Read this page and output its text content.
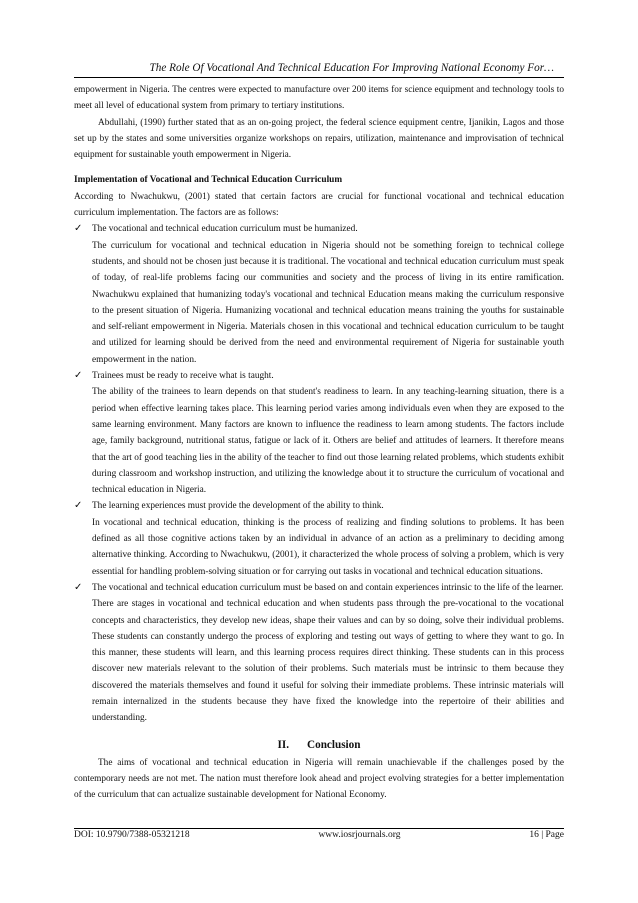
The Role Of Vocational And Technical Education For Improving National Economy For…

empowerment in Nigeria. The centres were expected to manufacture over 200 items for science equipment and technology tools to meet all level of educational system from primary to tertiary institutions.

Abdullahi, (1990) further stated that as an on-going project, the federal science equipment centre, Ijanikin, Lagos and those set up by the states and some universities organize workshops on repairs, utilization, maintenance and improvisation of technical equipment for sustainable youth empowerment in Nigeria.

Implementation of Vocational and Technical Education Curriculum

According to Nwachukwu, (2001) stated that certain factors are crucial for functional vocational and technical education curriculum implementation. The factors are as follows:

✓ The vocational and technical education curriculum must be humanized.

The curriculum for vocational and technical education in Nigeria should not be something foreign to technical college students, and should not be chosen just because it is traditional. The vocational and technical education curriculum must speak of today, of real-life problems facing our communities and society and the process of living in its entire ramification. Nwachukwu explained that humanizing today's vocational and technical Education means making the curriculum responsive to the present situation of Nigeria. Humanizing vocational and technical education means training the youths for sustainable and self-reliant empowerment in Nigeria. Materials chosen in this vocational and technical education curriculum to be taught and utilized for learning should be derived from the need and environmental requirement of Nigeria for sustainable youth empowerment in the nation.

✓ Trainees must be ready to receive what is taught.

The ability of the trainees to learn depends on that student's readiness to learn. In any teaching-learning situation, there is a period when effective learning takes place. This learning period varies among individuals even when they are exposed to the same learning environment. Many factors are known to influence the readiness to learn among students. The factors include age, family background, nutritional status, fatigue or lack of it. Others are belief and attitudes of learners. It therefore means that the art of good teaching lies in the ability of the teacher to find out those learning related problems, which students exhibit during classroom and workshop instruction, and utilizing the knowledge about it to structure the curriculum of vocational and technical education in Nigeria.

✓ The learning experiences must provide the development of the ability to think.

In vocational and technical education, thinking is the process of realizing and finding solutions to problems. It has been defined as all those cognitive actions taken by an individual in advance of an action as a preliminary to deciding among alternative thinking. According to Nwachukwu, (2001), it characterized the whole process of solving a problem, which is very essential for handling problem-solving situation or for carrying out tasks in vocational and technical education situations.

✓ The vocational and technical education curriculum must be based on and contain experiences intrinsic to the life of the learner.

There are stages in vocational and technical education and when students pass through the pre-vocational to the vocational concepts and characteristics, they develop new ideas, shape their values and can by so doing, solve their individual problems. These students can constantly undergo the process of exploring and testing out ways of getting to where they want to go. In this manner, these students will learn, and this learning process requires direct thinking. These students can in this process discover new materials relevant to the solution of their problems. Such materials must be intrinsic to them because they discovered the materials themselves and found it useful for solving their immediate problems. These intrinsic materials will remain internalized in the students because they have fixed the knowledge into the repertoire of their abilities and understanding.

II. Conclusion

The aims of vocational and technical education in Nigeria will remain unachievable if the challenges posed by the contemporary needs are not met. The nation must therefore look ahead and project evolving strategies for a better implementation of the curriculum that can actualize sustainable development for National Economy.

DOI: 10.9790/7388-05321218	www.iosrjournals.org	16 | Page
